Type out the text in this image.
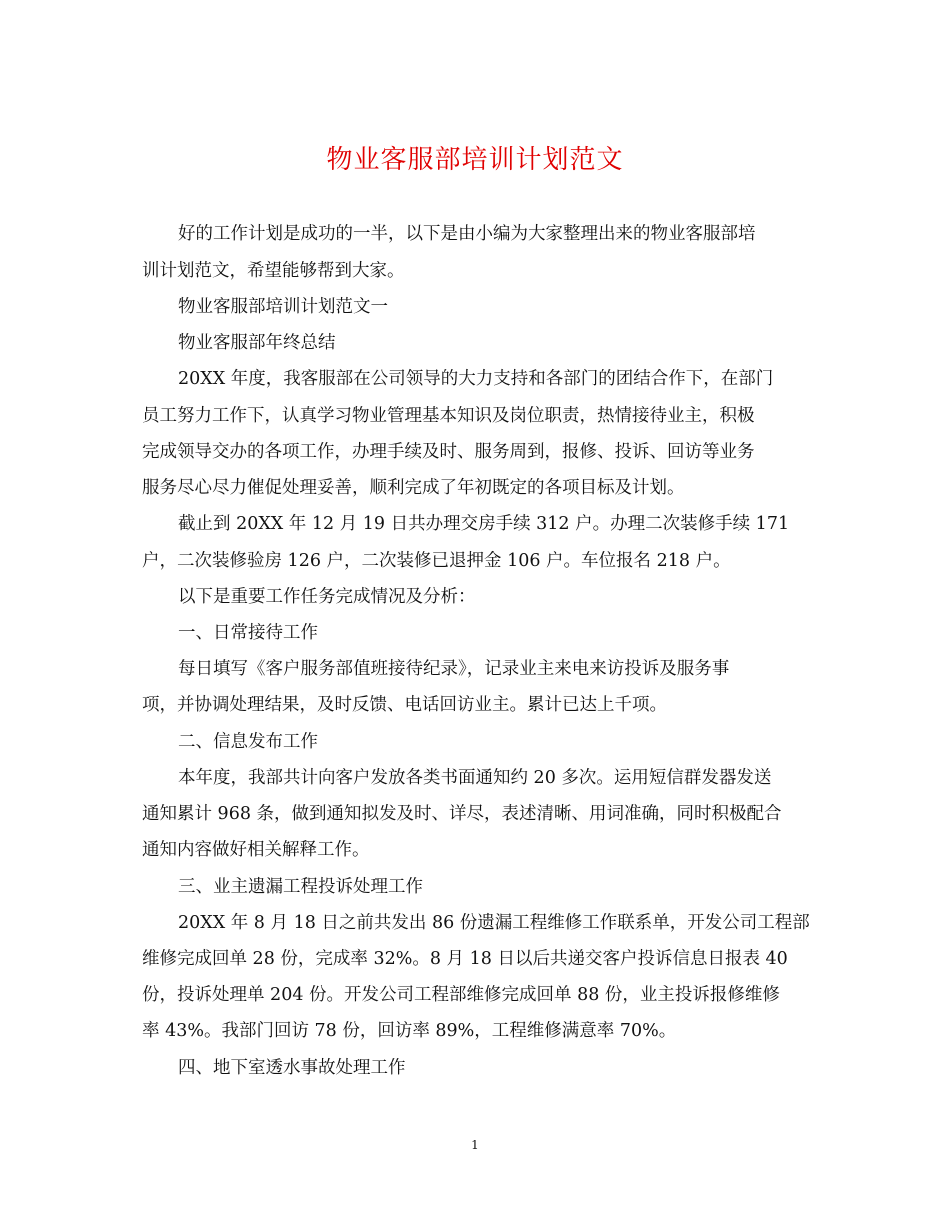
物业客服部培训计划范文
好的工作计划是成功的一半，以下是由小编为大家整理出来的物业客服部培
训计划范文，希望能够帮到大家。
物业客服部培训计划范文一
物业客服部年终总结
20XX 年度，我客服部在公司领导的大力支持和各部门的团结合作下，在部门
员工努力工作下，认真学习物业管理基本知识及岗位职责，热情接待业主，积极
完成领导交办的各项工作，办理手续及时、服务周到，报修、投诉、回访等业务
服务尽心尽力催促处理妥善，顺利完成了年初既定的各项目标及计划。
截止到 20XX 年 12 月 19 日共办理交房手续 312 户。办理二次装修手续 171
户，二次装修验房 126 户，二次装修已退押金 106 户。车位报名 218 户。
以下是重要工作任务完成情况及分析：
一、日常接待工作
每日填写《客户服务部值班接待纪录》，记录业主来电来访投诉及服务事
项，并协调处理结果，及时反馈、电话回访业主。累计已达上千项。
二、信息发布工作
本年度，我部共计向客户发放各类书面通知约 20 多次。运用短信群发器发送
通知累计 968 条，做到通知拟发及时、详尽，表述清晰、用词准确，同时积极配合
通知内容做好相关解释工作。
三、业主遗漏工程投诉处理工作
20XX 年 8 月 18 日之前共发出 86 份遗漏工程维修工作联系单，开发公司工程部
维修完成回单 28 份，完成率 32%。8 月 18 日以后共递交客户投诉信息日报表 40
份，投诉处理单 204 份。开发公司工程部维修完成回单 88 份，业主投诉报修维修
率 43%。我部门回访 78 份，回访率 89%，工程维修满意率 70%。
四、地下室透水事故处理工作
1
